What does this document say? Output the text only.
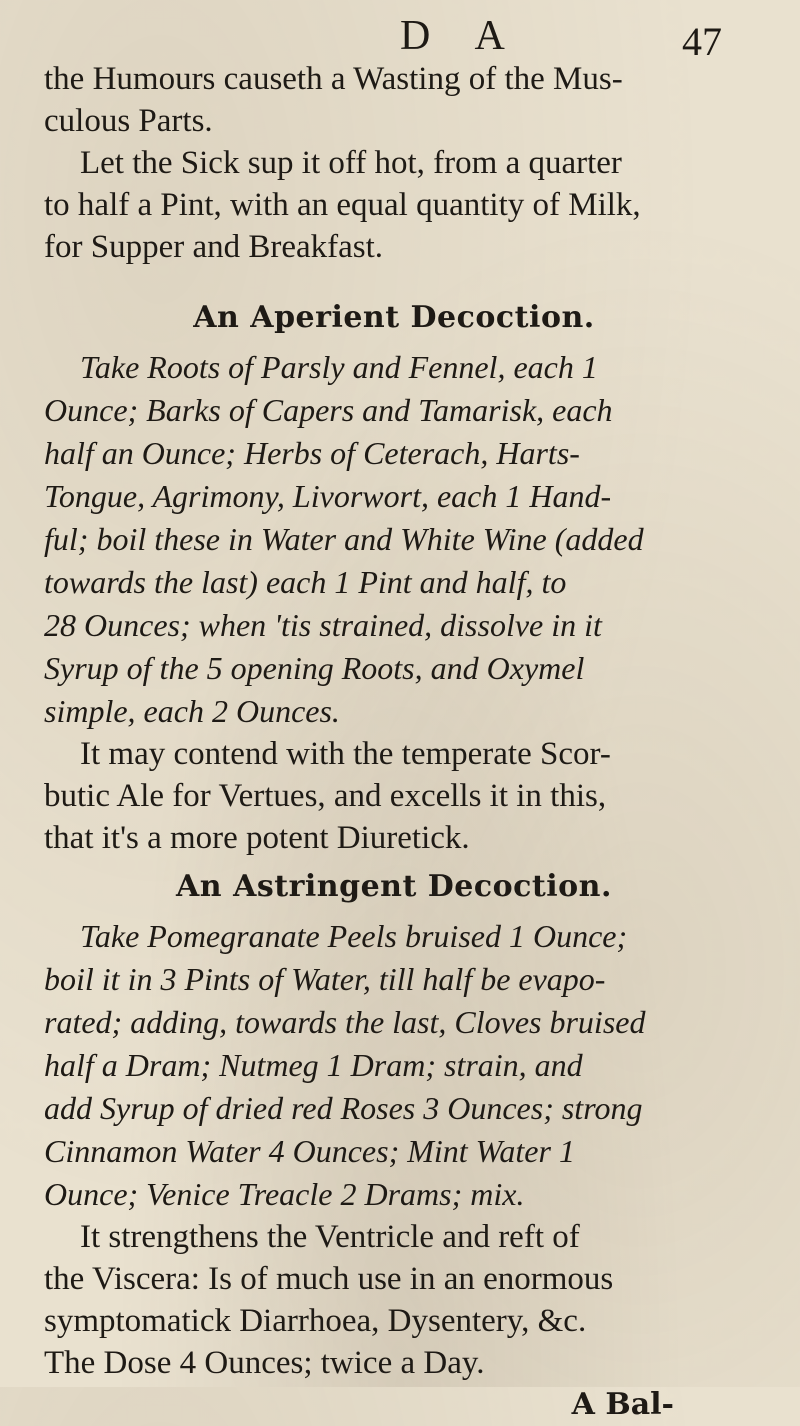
D A	47
the Humours causeth a Wasting of the Mus-
culous Parts.
Let the Sick sup it off hot, from a quarter
to half a Pint, with an equal quantity of Milk,
for Supper and Breakfast.
An Aperient Decoction.
Take Roots of Parsly and Fennel, each 1
Ounce; Barks of Capers and Tamarisk, each
half an Ounce; Herbs of Ceterach, Harts-
Tongue, Agrimony, Livorwort, each 1 Hand-
ful; boil these in Water and White Wine (added
towards the last) each 1 Pint and half, to
28 Ounces; when 'tis strained, dissolve in it
Syrup of the 5 opening Roots, and Oxymel
simple, each 2 Ounces.
It may contend with the temperate Scor-
butic Ale for Vertues, and excells it in this,
that it's a more potent Diuretick.
An Astringent Decoction.
Take Pomegranate Peels bruised 1 Ounce;
boil it in 3 Pints of Water, till half be evapo-
rated; adding, towards the last, Cloves bruised
half a Dram; Nutmeg 1 Dram; strain, and
add Syrup of dried red Roses 3 Ounces; strong
Cinnamon Water 4 Ounces; Mint Water 1
Ounce; Venice Treacle 2 Drams; mix.
It strengthens the Ventricle and reft of
the Viscera: Is of much use in an enormous
symptomatick Diarrhoea, Dysentery, &c.
The Dose 4 Ounces; twice a Day.
A Bal-
